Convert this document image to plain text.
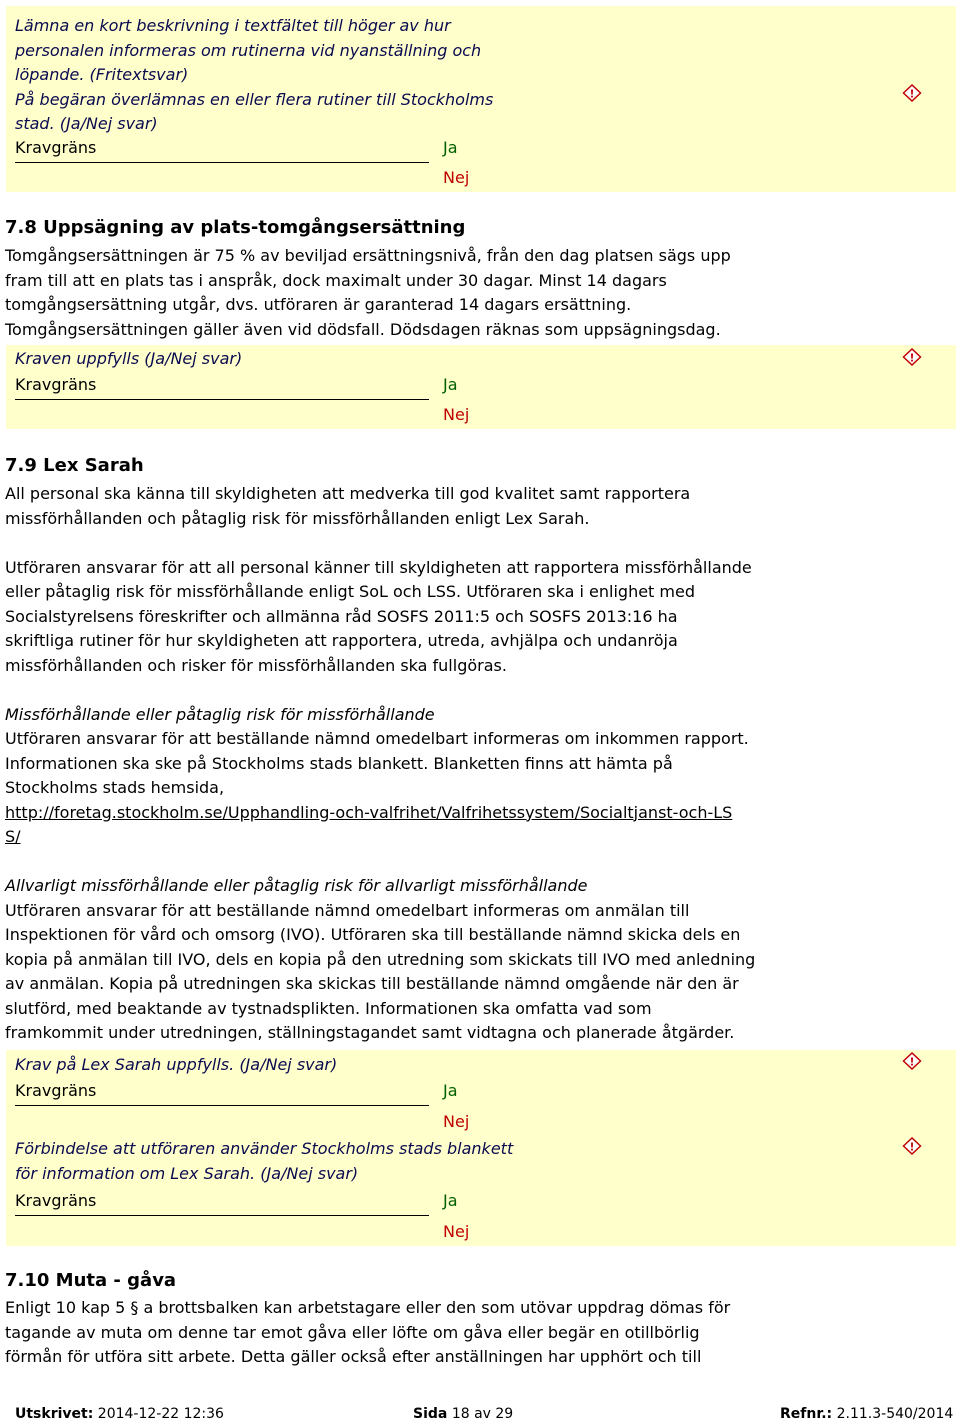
Lämna en kort beskrivning i textfältet till höger av hur

personalen informeras om rutinerna vid nyanställning och

löpande. (Fritextsvar)

På begäran överlämnas en eller flera rutiner till Stockholms

stad. (Ja/Nej svar)

Kravgräns	Ja
Nej

7.8 Uppsägning av plats-tomgångsersättning

Tomgångsersättningen är 75 % av beviljad ersättningsnivå, från den dag platsen sägs upp

fram till att en plats tas i anspråk, dock maximalt under 30 dagar. Minst 14 dagars

tomgångsersättning utgår, dvs. utföraren är garanterad 14 dagars ersättning.

Tomgångsersättningen gäller även vid dödsfall. Dödsdagen räknas som uppsägningsdag.

Kraven uppfylls (Ja/Nej svar)
Kravgräns	Ja
Nej

7.9 Lex Sarah

All personal ska känna till skyldigheten att medverka till god kvalitet samt rapportera

missförhållanden och påtaglig risk för missförhållanden enligt Lex Sarah.

Utföraren ansvarar för att all personal känner till skyldigheten att rapportera missförhållande

eller påtaglig risk för missförhållande enligt SoL och LSS. Utföraren ska i enlighet med

Socialstyrelsens föreskrifter och allmänna råd SOSFS 2011:5 och SOSFS 2013:16 ha

skriftliga rutiner för hur skyldigheten att rapportera, utreda, avhjälpa och undanröja

missförhållanden och risker för missförhållanden ska fullgöras.

Missförhållande eller påtaglig risk för missförhållande

Utföraren ansvarar för att beställande nämnd omedelbart informeras om inkommen rapport.

Informationen ska ske på Stockholms stads blankett. Blanketten finns att hämta på

Stockholms stads hemsida,

http://foretag.stockholm.se/Upphandling-och-valfrihet/Valfrihetssystem/Socialtjanst-och-LS

S/

Allvarligt missförhållande eller påtaglig risk för allvarligt missförhållande

Utföraren ansvarar för att beställande nämnd omedelbart informeras om anmälan till

Inspektionen för vård och omsorg (IVO). Utföraren ska till beställande nämnd skicka dels en

kopia på anmälan till IVO, dels en kopia på den utredning som skickats till IVO med anledning

av anmälan. Kopia på utredningen ska skickas till beställande nämnd omgående när den är

slutförd, med beaktande av tystnadsplikten. Informationen ska omfatta vad som

framkommit under utredningen, ställningstagandet samt vidtagna och planerade åtgärder.

Krav på Lex Sarah uppfylls. (Ja/Nej svar)
Kravgräns	Ja
Nej

Förbindelse att utföraren använder Stockholms stads blankett

för information om Lex Sarah. (Ja/Nej svar)

Kravgräns	Ja
Nej

7.10 Muta - gåva

Enligt 10 kap 5 § a brottsbalken kan arbetstagare eller den som utövar uppdrag dömas för

tagande av muta om denne tar emot gåva eller löfte om gåva eller begär en otillbörlig

förmån för utföra sitt arbete. Detta gäller också efter anställningen har upphört och till

Utskrivet: 2014-12-22 12:36	Sida 18 av 29	Refnr.: 2.11.3-540/2014
